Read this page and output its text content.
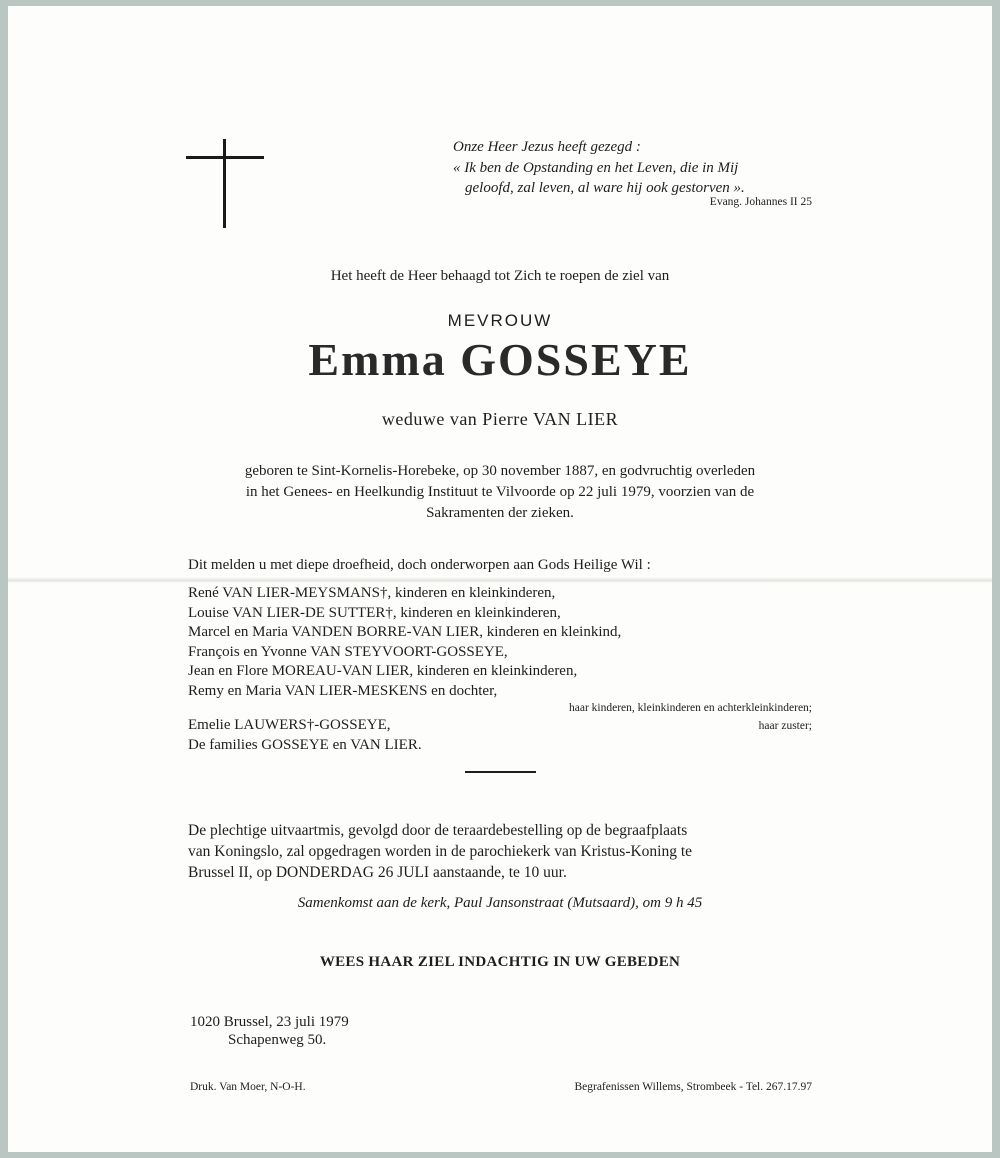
Onze Heer Jezus heeft gezegd :
« Ik ben de Opstanding en het Leven, die in Mij
geloofd, zal leven, al ware hij ook gestorven ».
Evang. Johannes II 25
Het heeft de Heer behaagd tot Zich te roepen de ziel van
MEVROUW
Emma GOSSEYE
weduwe van Pierre VAN LIER
geboren te Sint-Kornelis-Horebeke, op 30 november 1887, en godvruchtig overleden
in het Genees- en Heelkundig Instituut te Vilvoorde op 22 juli 1979, voorzien van de
Sakramenten der zieken.
Dit melden u met diepe droefheid, doch onderworpen aan Gods Heilige Wil :
René VAN LIER-MEYSMANS†, kinderen en kleinkinderen,
Louise VAN LIER-DE SUTTER†, kinderen en kleinkinderen,
Marcel en Maria VANDEN BORRE-VAN LIER, kinderen en kleinkind,
François en Yvonne VAN STEYVOORT-GOSSEYE,
Jean en Flore MOREAU-VAN LIER, kinderen en kleinkinderen,
Remy en Maria VAN LIER-MESKENS en dochter,
haar kinderen, kleinkinderen en achterkleinkinderen;
Emelie LAUWERS†-GOSSEYE,	haar zuster;
De families GOSSEYE en VAN LIER.
De plechtige uitvaartmis, gevolgd door de teraardebestelling op de begraafplaats
van Koningslo, zal opgedragen worden in de parochiekerk van Kristus-Koning te
Brussel II, op DONDERDAG 26 JULI aanstaande, te 10 uur.
Samenkomst aan de kerk, Paul Jansonstraat (Mutsaard), om 9 h 45
WEES HAAR ZIEL INDACHTIG IN UW GEBEDEN
1020 Brussel, 23 juli 1979
Schapenweg 50.
Druk. Van Moer, N-O-H.	Begrafenissen Willems, Strombeek - Tel. 267.17.97
